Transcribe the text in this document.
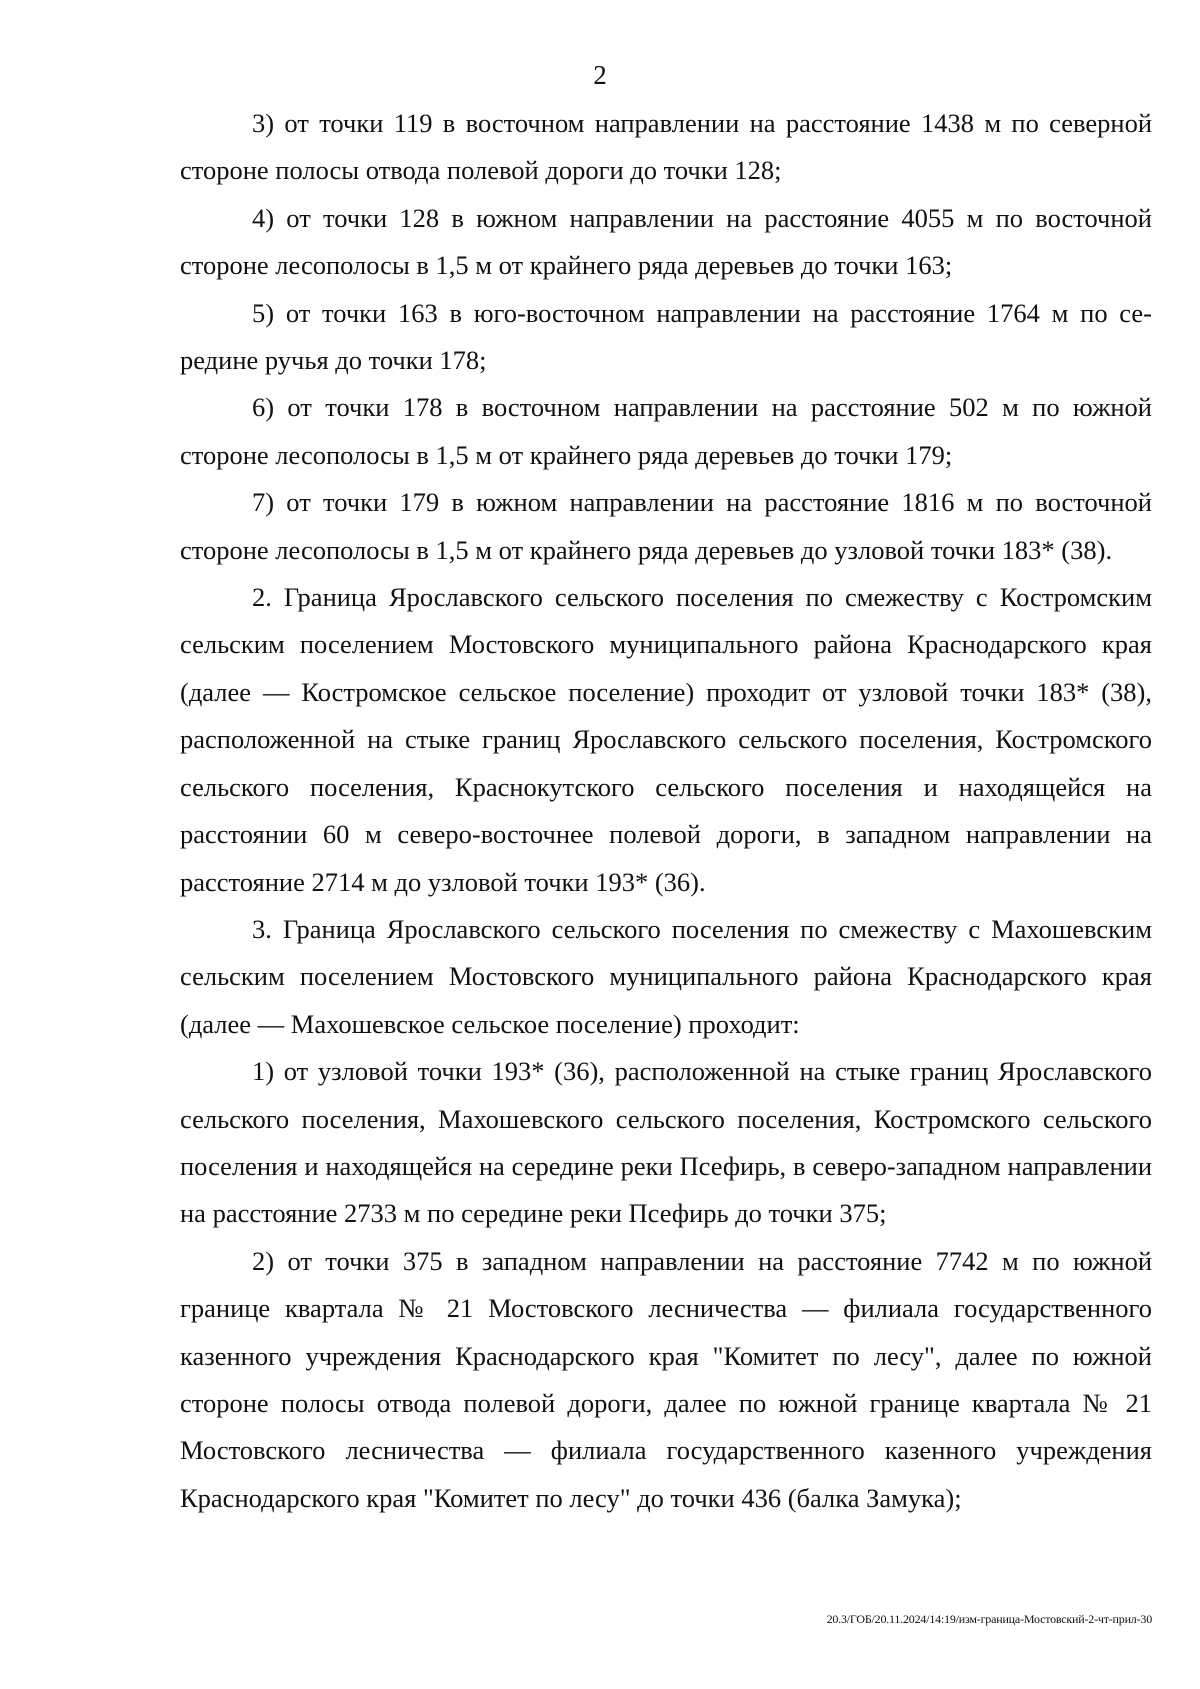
2

3) от точки 119 в восточном направлении на расстояние 1438 м по северной стороне полосы отвода полевой дороги до точки 128;

4) от точки 128 в южном направлении на расстояние 4055 м по восточной стороне лесополосы в 1,5 м от крайнего ряда деревьев до точки 163;

5) от точки 163 в юго-восточном направлении на расстояние 1764 м по середине ручья до точки 178;

6) от точки 178 в восточном направлении на расстояние 502 м по южной стороне лесополосы в 1,5 м от крайнего ряда деревьев до точки 179;

7) от точки 179 в южном направлении на расстояние 1816 м по восточной стороне лесополосы в 1,5 м от крайнего ряда деревьев до узловой точки 183* (38).

2. Граница Ярославского сельского поселения по смежеству с Костромским сельским поселением Мостовского муниципального района Краснодарского края (далее — Костромское сельское поселение) проходит от узловой точки 183* (38), расположенной на стыке границ Ярославского сельского поселения, Костромского сельского поселения, Краснокутского сельского поселения и находящейся на расстоянии 60 м северо-восточнее полевой дороги, в западном направлении на расстояние 2714 м до узловой точки 193* (36).

3. Граница Ярославского сельского поселения по смежеству с Махошевским сельским поселением Мостовского муниципального района Краснодарского края (далее — Махошевское сельское поселение) проходит:

1) от узловой точки 193* (36), расположенной на стыке границ Ярославского сельского поселения, Махошевского сельского поселения, Костромского сельского поселения и находящейся на середине реки Псефирь, в северо-западном направлении на расстояние 2733 м по середине реки Псефирь до точки 375;

2) от точки 375 в западном направлении на расстояние 7742 м по южной границе квартала № 21 Мостовского лесничества — филиала государственного казенного учреждения Краснодарского края "Комитет по лесу", далее по южной стороне полосы отвода полевой дороги, далее по южной границе квартала № 21 Мостовского лесничества — филиала государственного казенного учреждения Краснодарского края "Комитет по лесу" до точки 436 (балка Замука);

20.3/ГОБ/20.11.2024/14:19/изм-граница-Мостовский-2-чт-прил-30
